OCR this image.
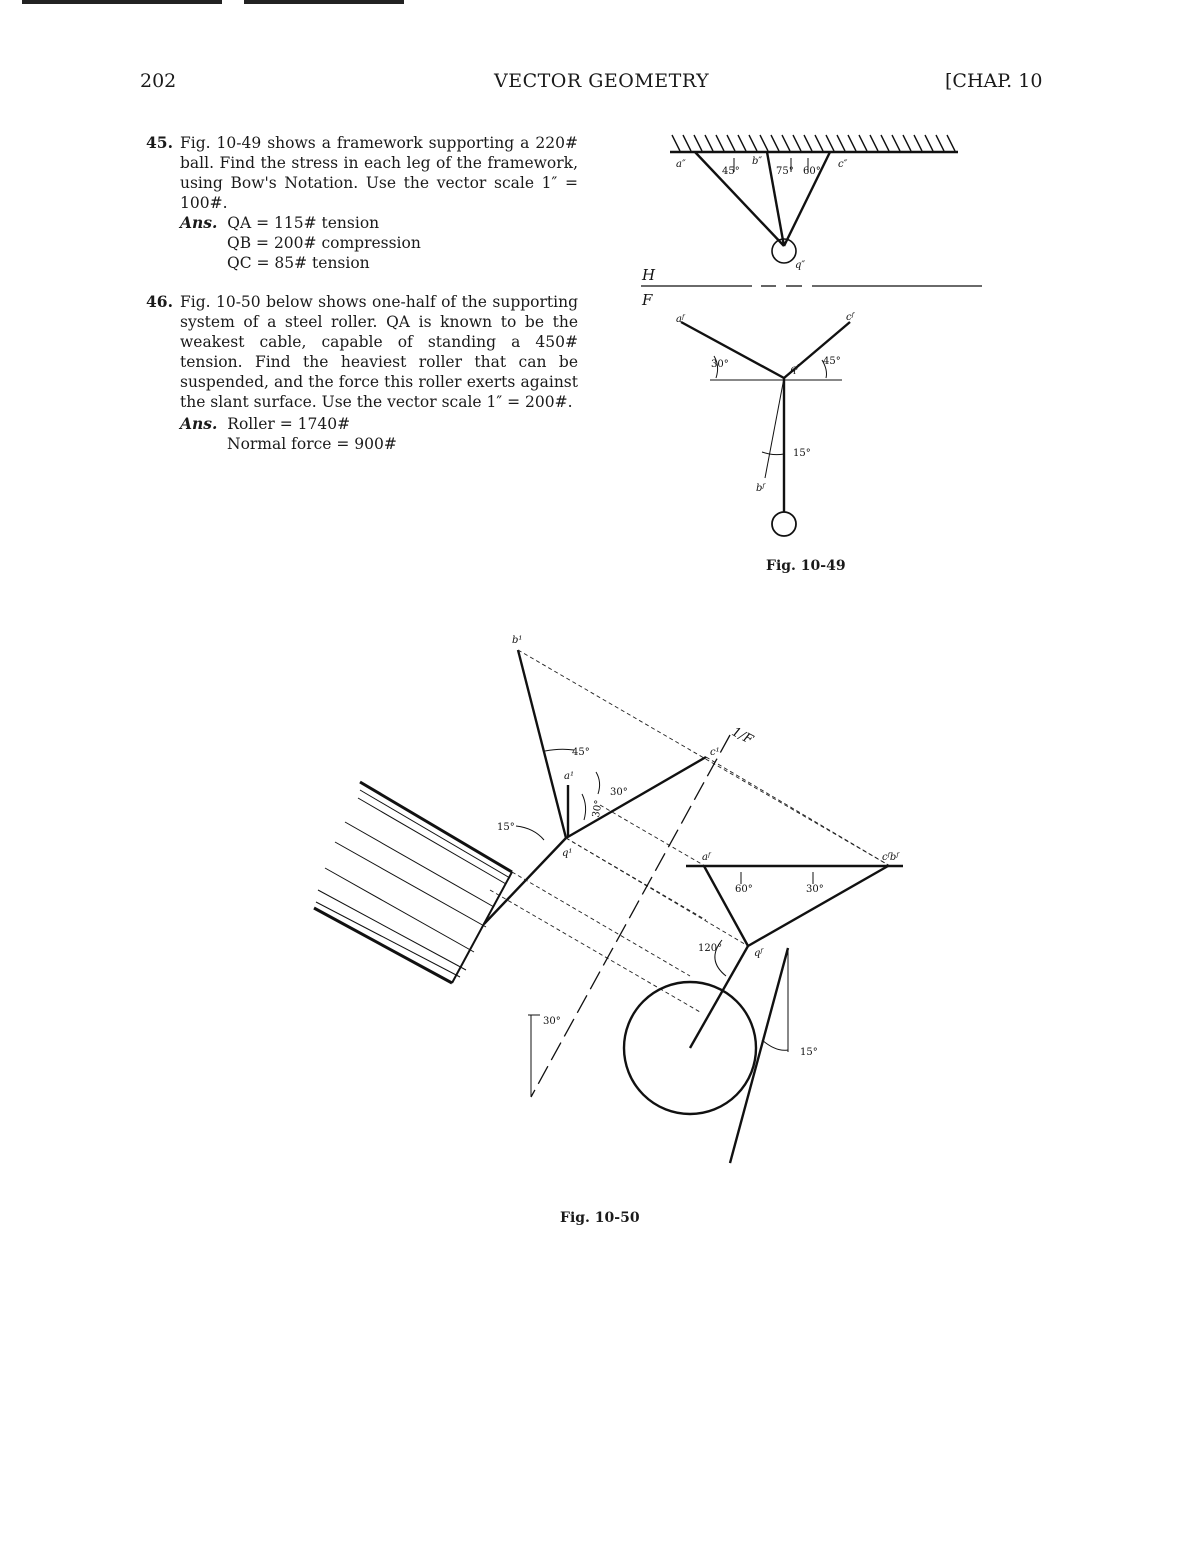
202	VECTOR GEOMETRY	[CHAP. 10
45. Fig. 10-49 shows a framework supporting a 220# ball. Find the stress in each leg of the framework, using Bow's Notation. Use the vector scale 1″ = 100#.
Ans. QA = 115# tension
QB = 200# compression
QC = 85# tension
46. Fig. 10-50 below shows one-half of the supporting system of a steel roller. QA is known to be the weakest cable, capable of standing a 450# tension. Find the heaviest roller that can be suspended, and the force this roller exerts against the slant surface. Use the vector scale 1″ = 200#.
Ans. Roller = 1740#
Normal force = 900#
a″	b″	c″
q″
45°	75° 60°
H
F
aᶠ	cᶠ
qᶠ
bᶠ
30°	45°
15°
Fig. 10-49
b¹
c¹
a¹
q¹	aᶠ	cᶠbᶠ
qᶠ
1/F
45°
30°
30°
15°
60°	30°
120°
30°
15°
Fig. 10-50
